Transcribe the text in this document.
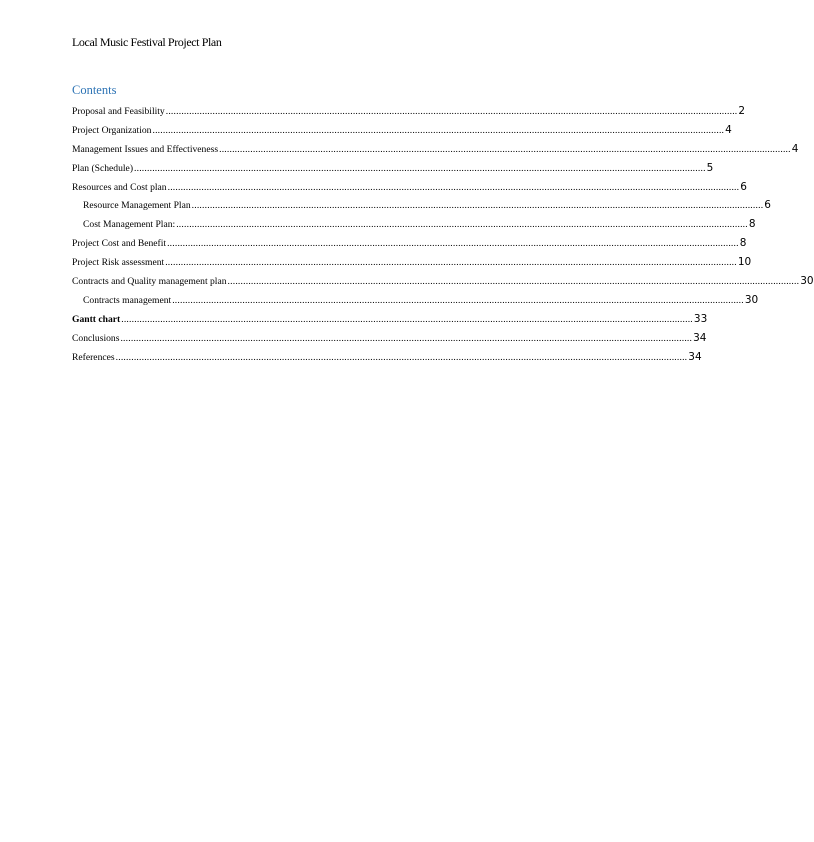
Local Music Festival Project Plan
Contents
Proposal and Feasibility ............................................................................................................................................................................................................................ 2
Project Organization ............................................................................................................................................................................................................................ 4
Management Issues and Effectiveness ............................................................................................................................................................................................................................ 4
Plan (Schedule) ............................................................................................................................................................................................................................ 5
Resources and Cost plan ............................................................................................................................................................................................................................ 6
Resource Management Plan ............................................................................................................................................................................................................................ 6
Cost Management Plan: ............................................................................................................................................................................................................................ 8
Project Cost and Benefit ............................................................................................................................................................................................................................ 8
Project Risk assessment ............................................................................................................................................................................................................................ 10
Contracts and Quality management plan ............................................................................................................................................................................................................................ 30
Contracts management ............................................................................................................................................................................................................................ 30
Gantt chart ............................................................................................................................................................................................................................ 33
Conclusions ............................................................................................................................................................................................................................ 34
References ............................................................................................................................................................................................................................ 34
